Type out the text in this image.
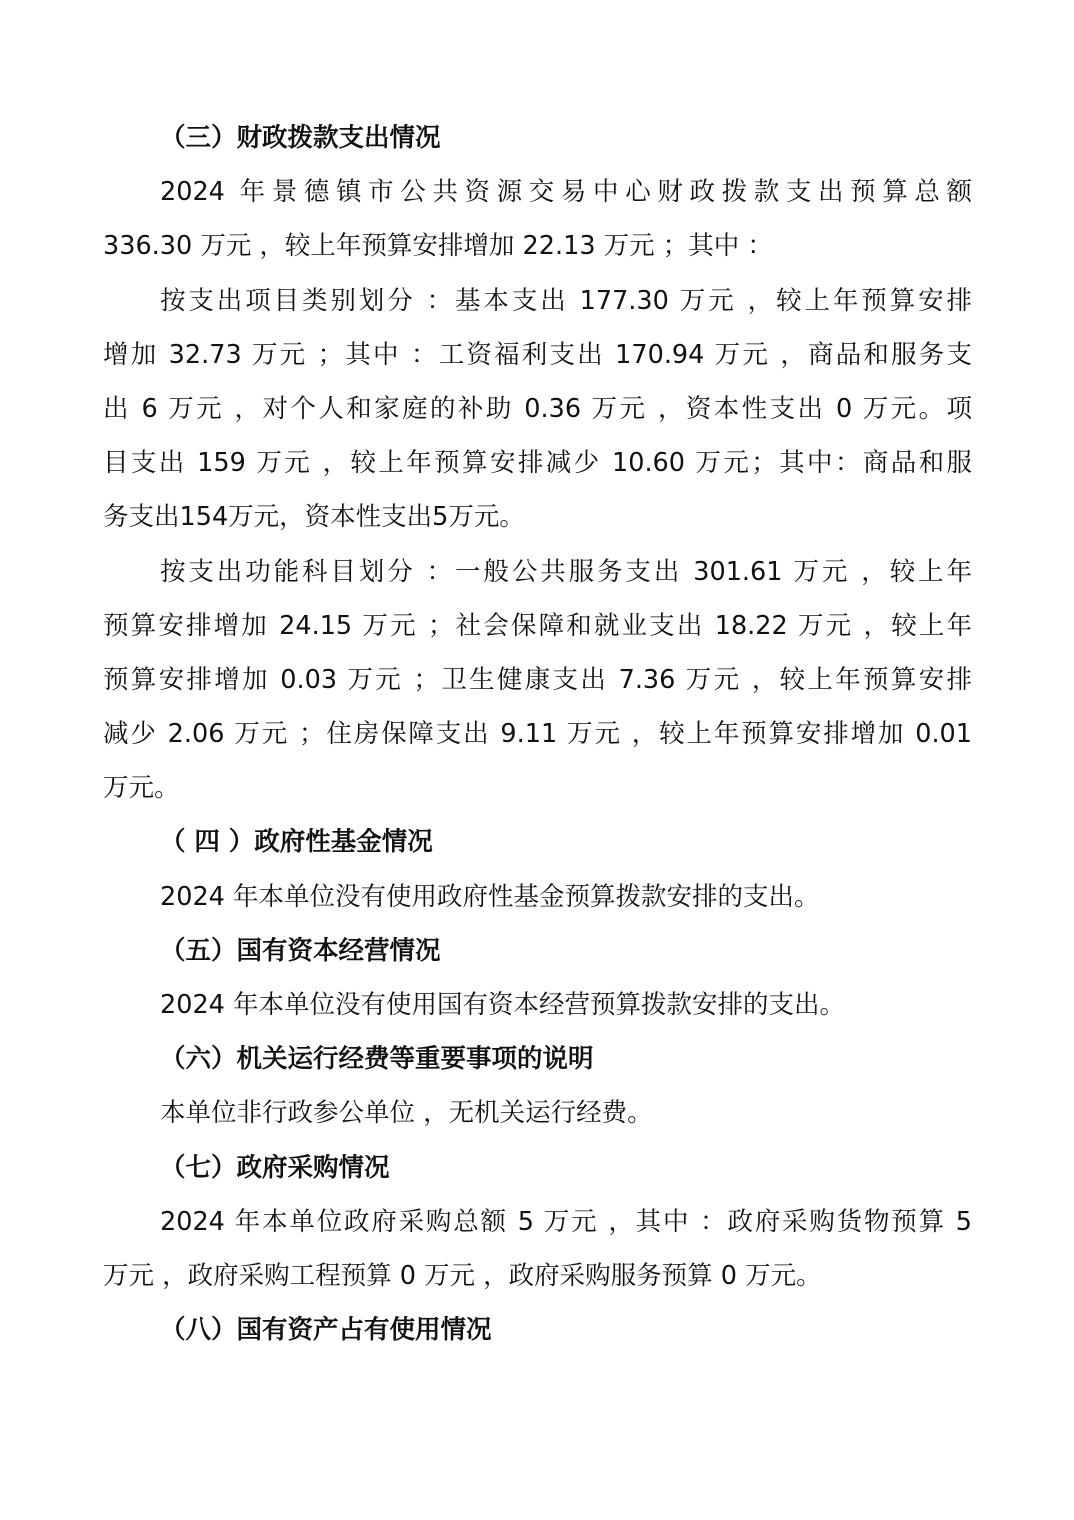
（三）财政拨款支出情况
2024 年景德镇市公共资源交易中心财政拨款支出预算总额
336.30 万元 ，较上年预算安排增加 22.13 万元 ；其中 ：
按支出项目类别划分 ：基本支出 177.30 万元 ，较上年预算安排
增加 32.73 万元 ；其中 ：工资福利支出 170.94 万元 ，商品和服务支
出 6 万元 ，对个人和家庭的补助 0.36 万元 ，资本性支出 0 万元。项
目支出 159 万元 ，较上年预算安排减少 10.60 万元；其中：商品和服
务支出154万元，资本性支出5万元。
按支出功能科目划分 ：一般公共服务支出 301.61 万元 ，较上年
预算安排增加 24.15 万元 ；社会保障和就业支出 18.22 万元 ，较上年
预算安排增加 0.03 万元 ；卫生健康支出 7.36 万元 ，较上年预算安排
减少 2.06 万元 ；住房保障支出 9.11 万元 ，较上年预算安排增加 0.01
万元。
（ 四 ）政府性基金情况
2024 年本单位没有使用政府性基金预算拨款安排的支出。
（五）国有资本经营情况
2024 年本单位没有使用国有资本经营预算拨款安排的支出。
（六）机关运行经费等重要事项的说明
本单位非行政参公单位 ，无机关运行经费。
（七）政府采购情况
2024 年本单位政府采购总额 5 万元 ，其中 ：政府采购货物预算 5
万元 ，政府采购工程预算 0 万元 ，政府采购服务预算 0 万元。
（八）国有资产占有使用情况
